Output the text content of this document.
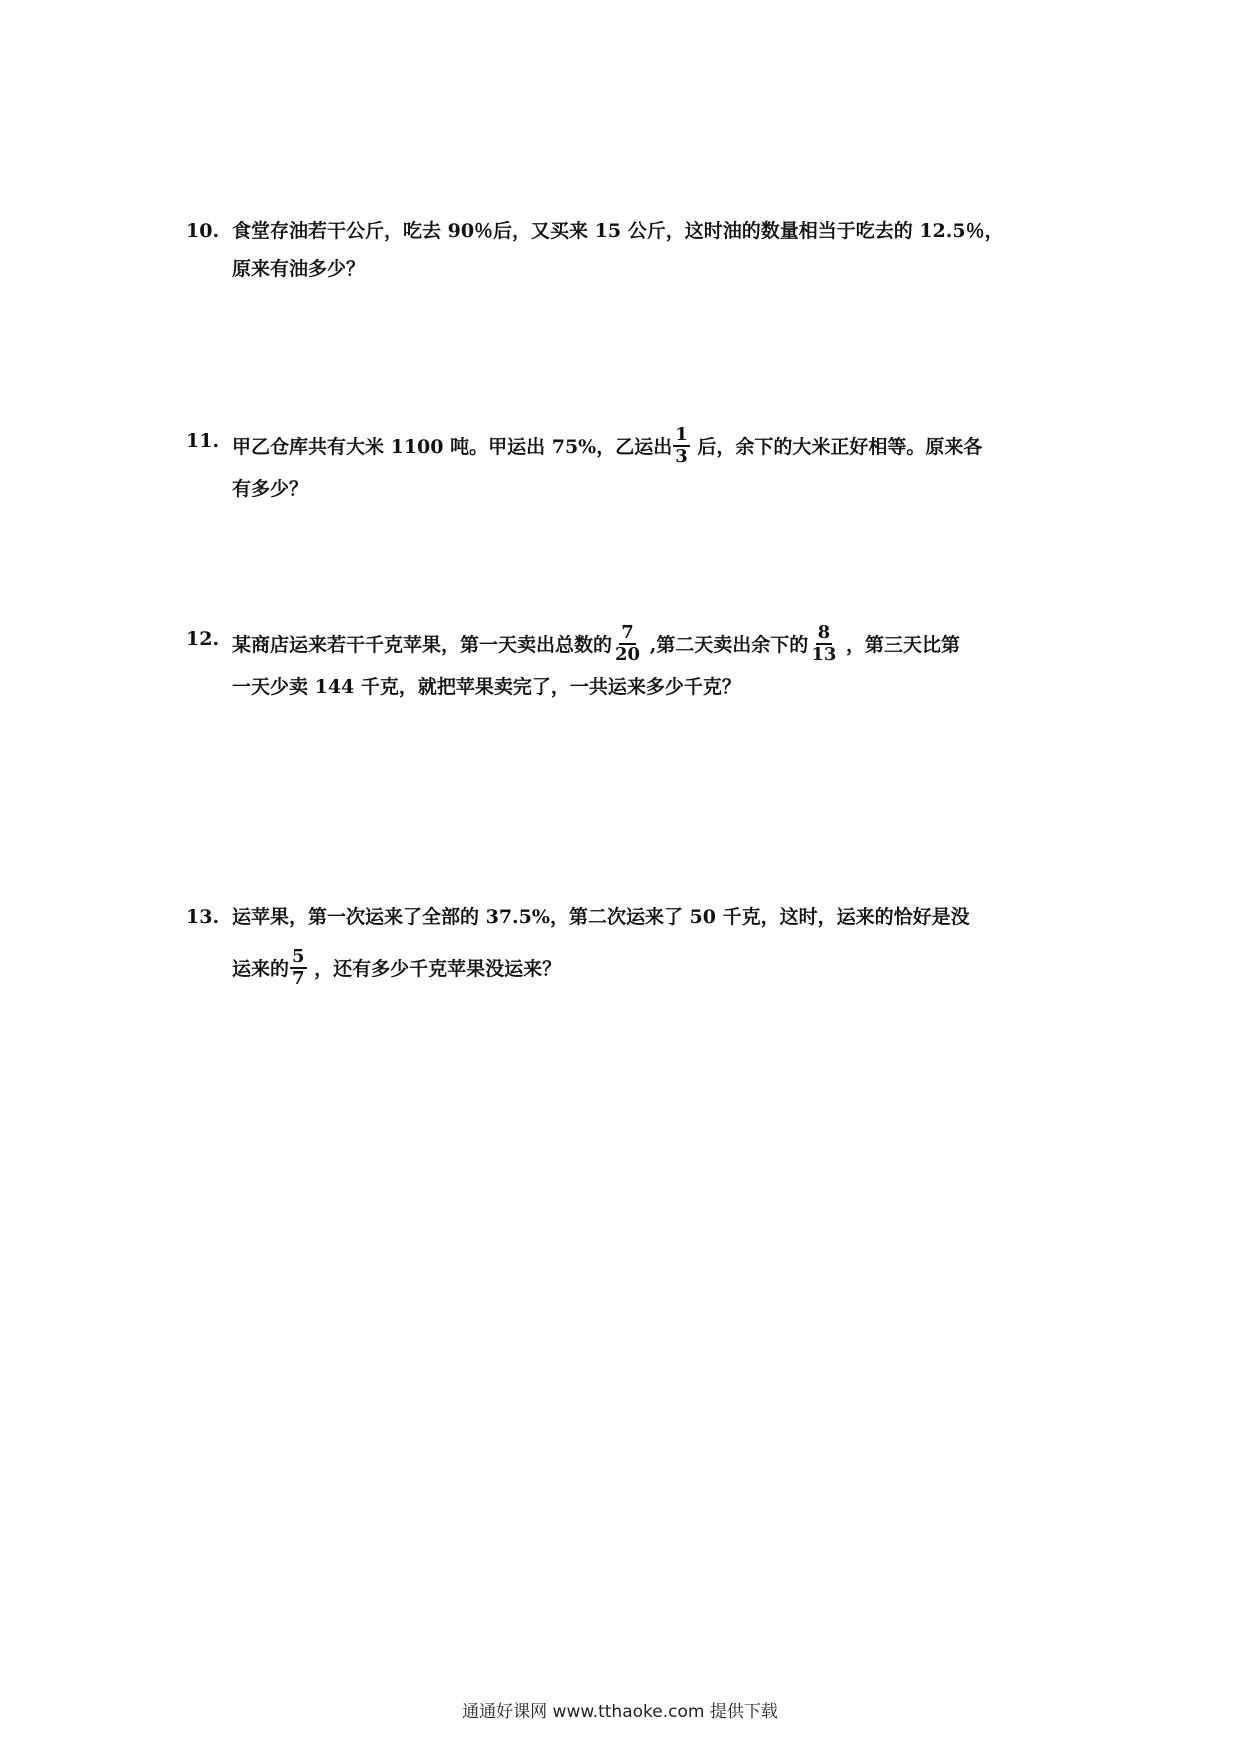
10. 食堂存油若干公斤，吃去 90％后，又买来 15 公斤，这时油的数量相当于吃去的 12.5％，
原来有油多少？
11. 甲乙仓库共有大米 1100 吨。甲运出 75%，乙运出 $\frac{1}{3}$ 后，余下的大米正好相等。原来各
有多少？
12. 某商店运来若干千克苹果，第一天卖出总数的 $\frac{7}{20}$ ,第二天卖出余下的 $\frac{8}{13}$ ，第三天比第
一天少卖 144 千克，就把苹果卖完了，一共运来多少千克？
13. 运苹果，第一次运来了全部的 37.5%，第二次运来了 50 千克，这时，运来的恰好是没
运来的 $\frac{5}{7}$ ，还有多少千克苹果没运来？
通通好课网 www.tthaoke.com 提供下载
